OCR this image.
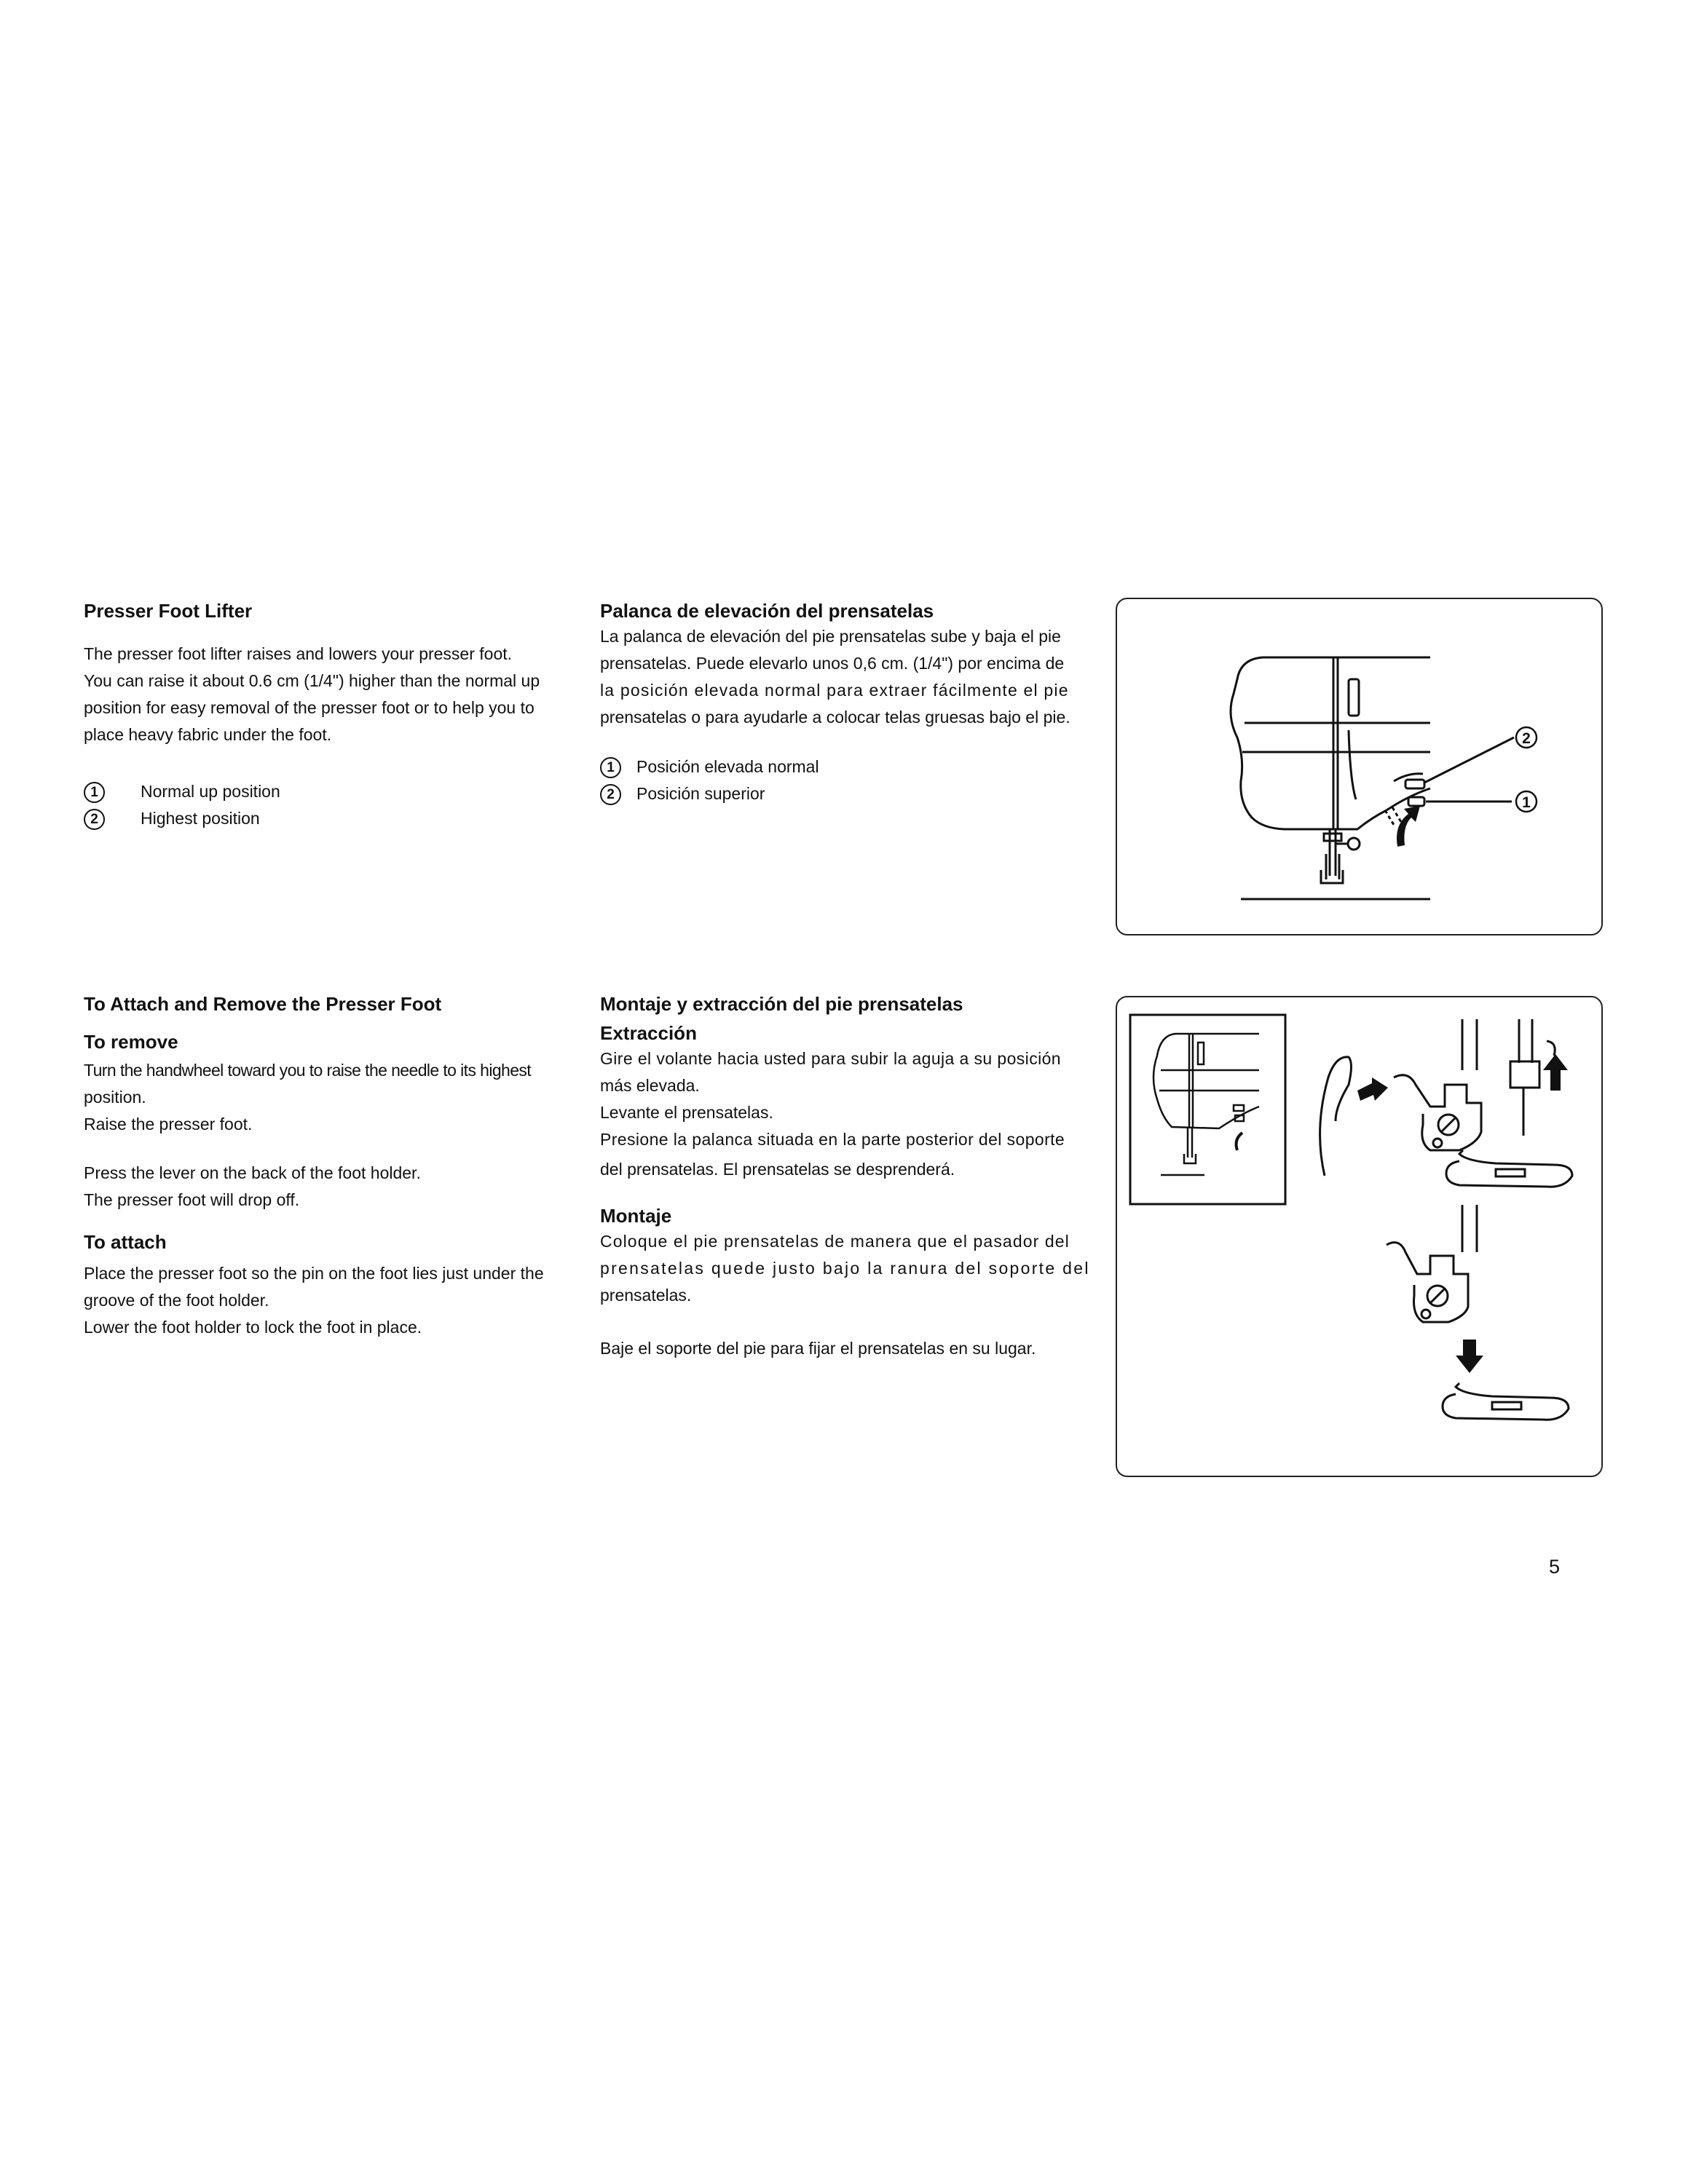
Presser Foot Lifter

The presser foot lifter raises and lowers your presser foot.

You can raise it about 0.6 cm (1/4") higher than the normal up

position for easy removal of the presser foot or to help you to

place heavy fabric under the foot.

1	Normal up position
2	Highest position
Palanca de elevación del prensatelas

La palanca de elevación del pie prensatelas sube y baja el pie

prensatelas. Puede elevarlo unos 0,6 cm. (1/4") por encima de

la posición elevada normal para extraer fácilmente el pie

prensatelas o para ayudarle a colocar telas gruesas bajo el pie.

1 Posición elevada normal
2 Posición superior
2
1
To Attach and Remove the Presser Foot
To remove

Turn the handwheel toward you to raise the needle to its highest

position.

Raise the presser foot.

Press the lever on the back of the foot holder.

The presser foot will drop off.

To attach

Place the presser foot so the pin on the foot lies just under the

groove of the foot holder.

Lower the foot holder to lock the foot in place.

Montaje y extracción del pie prensatelas
Extracción

Gire el volante hacia usted para subir la aguja a su posición

más elevada.

Levante el prensatelas.

Presione la palanca situada en la parte posterior del soporte

del prensatelas. El prensatelas se desprenderá.

Montaje

Coloque el pie prensatelas de manera que el pasador del

prensatelas quede justo bajo la ranura del soporte del

prensatelas.

Baje el soporte del pie para fijar el prensatelas en su lugar.

5
